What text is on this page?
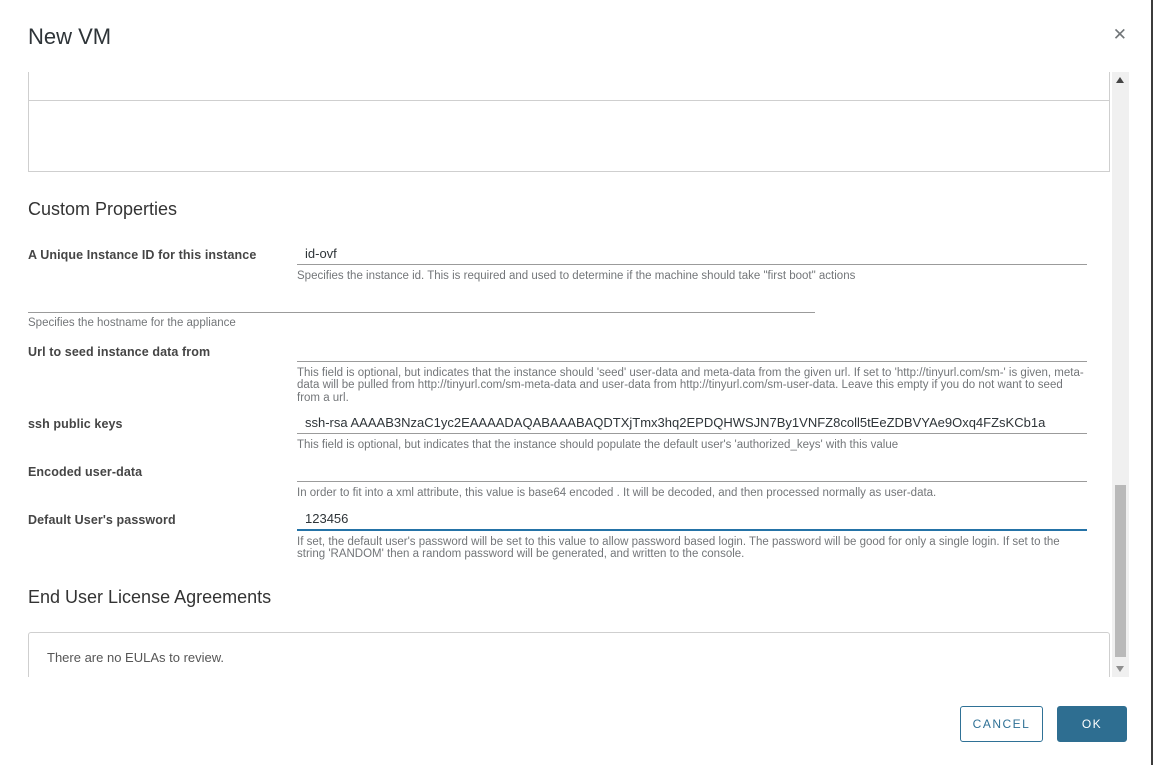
New VM	✕
Custom Properties
A Unique Instance ID for this instance
id-ovf
Specifies the instance id. This is required and used to determine if the machine should take "first boot" actions
Specifies the hostname for the appliance
Url to seed instance data from
This field is optional, but indicates that the instance should 'seed' user-data and meta-data from the given url. If set to 'http://tinyurl.com/sm-' is given, meta-data will be pulled from http://tinyurl.com/sm-meta-data and user-data from http://tinyurl.com/sm-user-data. Leave this empty if you do not want to seed from a url.
ssh public keys
ssh-rsa AAAAB3NzaC1yc2EAAAADAQABAAABAQDTXjTmx3hq2EPDQHWSJN7By1VNFZ8coll5tEeZDBVYAe9Oxq4FZsKCb1a
This field is optional, but indicates that the instance should populate the default user's 'authorized_keys' with this value
Encoded user-data
In order to fit into a xml attribute, this value is base64 encoded . It will be decoded, and then processed normally as user-data.
Default User's password
123456
If set, the default user's password will be set to this value to allow password based login. The password will be good for only a single login. If set to the string 'RANDOM' then a random password will be generated, and written to the console.
End User License Agreements
There are no EULAs to review.
CANCEL	OK
